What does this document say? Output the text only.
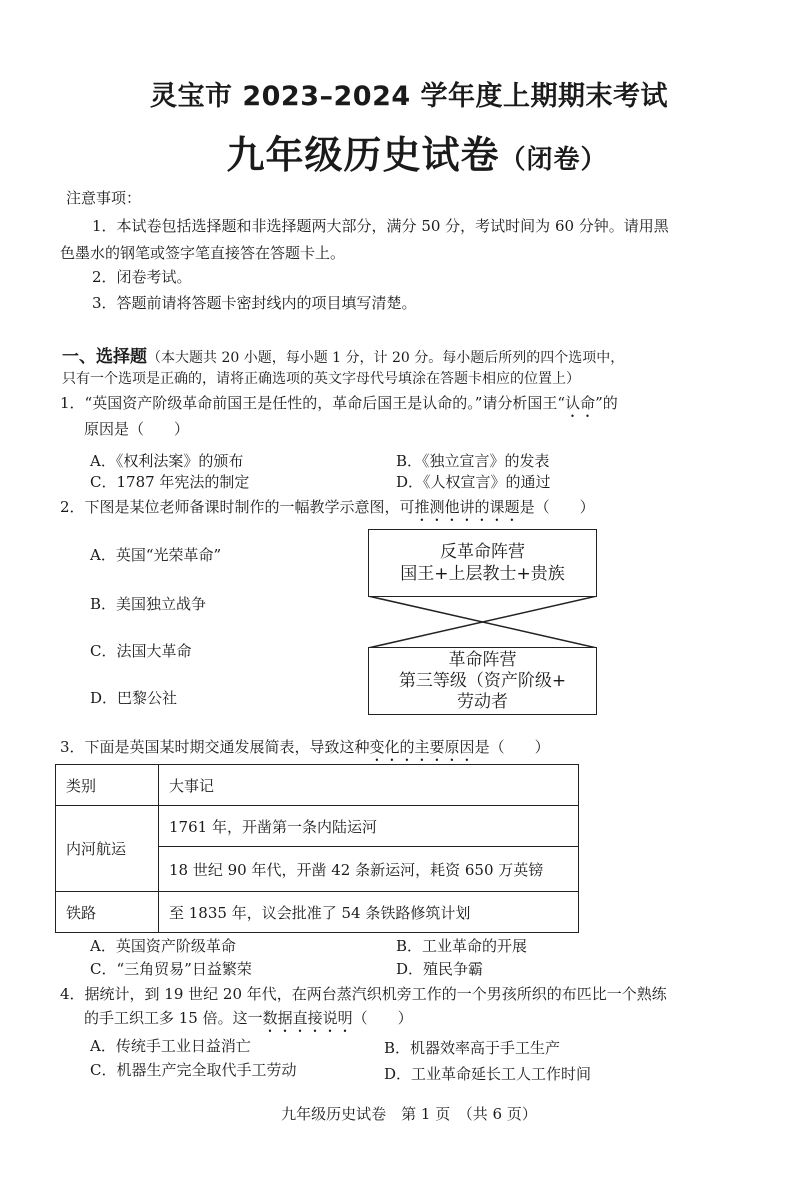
灵宝市 2023–2024 学年度上期期末考试
九年级历史试卷（闭卷）
注意事项：
1．本试卷包括选择题和非选择题两大部分，满分 50 分，考试时间为 60 分钟。请用黑
色墨水的钢笔或签字笔直接答在答题卡上。
2．闭卷考试。
3．答题前请将答题卡密封线内的项目填写清楚。
一、选择题（本大题共 20 小题，每小题 1 分，计 20 分。每小题后所列的四个选项中，
只有一个选项是正确的，请将正确选项的英文字母代号填涂在答题卡相应的位置上）
1．“英国资产阶级革命前国王是任性的，革命后国王是认命的。”请分析国王“认命”的
原因是（　　）
A．《权利法案》的颁布	B．《独立宣言》的发表
C．1787 年宪法的制定	D．《人权宣言》的通过
2．下图是某位老师备课时制作的一幅教学示意图，可推测他讲的课题是（　　）
A．英国“光荣革命”
B．美国独立战争
C．法国大革命
D．巴黎公社
反革命阵营
国王+上层教士+贵族
革命阵营
第三等级（资产阶级+
劳动者
3．下面是英国某时期交通发展简表，导致这种变化的主要原因是（　　）
类别	大事记
内河航运	1761 年，开凿第一条内陆运河
	18 世纪 90 年代，开凿 42 条新运河，耗资 650 万英镑
铁路	至 1835 年，议会批准了 54 条铁路修筑计划
A．英国资产阶级革命	B．工业革命的开展
C．“三角贸易”日益繁荣	D．殖民争霸
4．据统计，到 19 世纪 20 年代，在两台蒸汽织机旁工作的一个男孩所织的布匹比一个熟练
的手工织工多 15 倍。这一数据直接说明（　　）
A．传统手工业日益消亡	B．机器效率高于手工生产
C．机器生产完全取代手工劳动	D．工业革命延长工人工作时间
九年级历史试卷　第 1 页　（共 6 页）
